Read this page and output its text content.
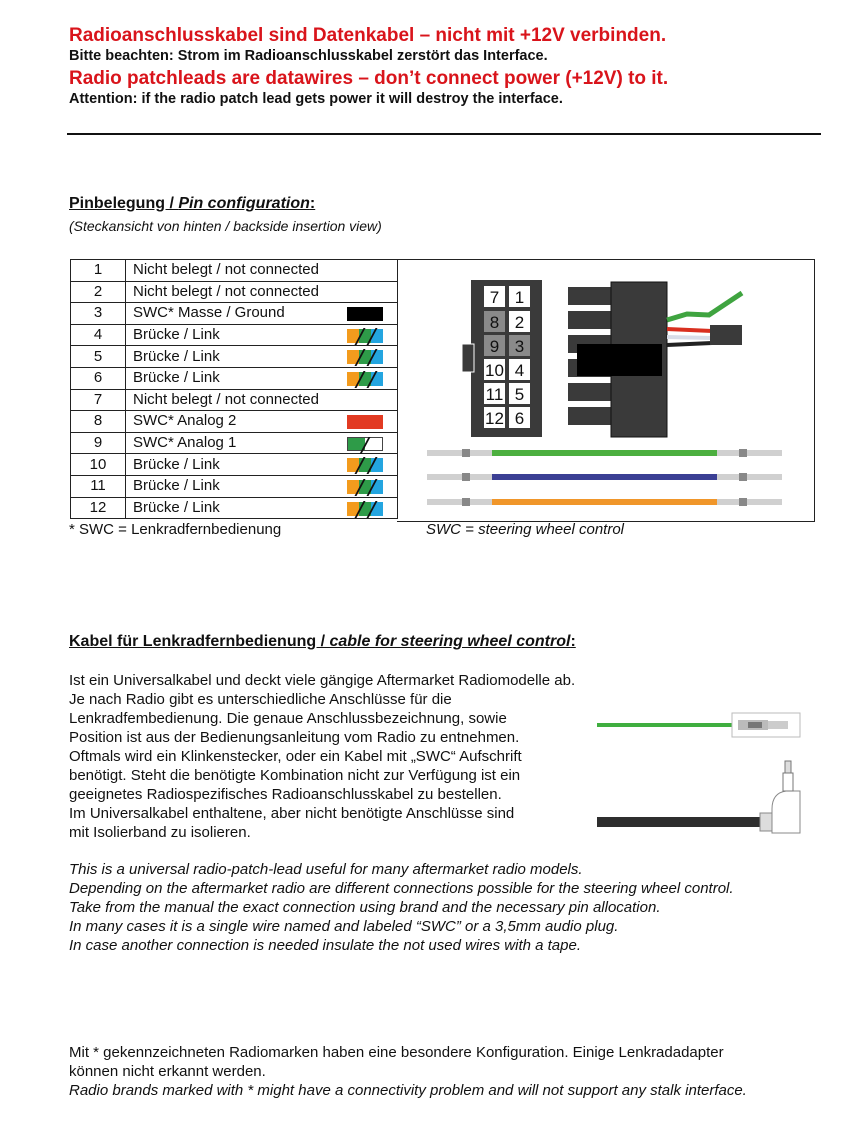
Radioanschlusskabel sind Datenkabel – nicht mit +12V verbinden.
Bitte beachten: Strom im Radioanschlusskabel zerstört das Interface.
Radio patchleads are datawires – don’t connect power (+12V) to it.
Attention: if the radio patch lead gets power it will destroy the interface.
Pinbelegung / Pin configuration:
(Steckansicht von hinten / backside insertion view)
1	Nicht belegt / not connected
2	Nicht belegt / not connected
3	SWC* Masse / Ground

4	Brücke / Link

5	Brücke / Link

6	Brücke / Link

7	Nicht belegt / not connected
8	SWC* Analog 2

9	SWC* Analog 1

10	Brücke / Link

11	Brücke / Link

12	Brücke / Link
7 1
8 2
9 3
10 4
11 5
12 6
* SWC = Lenkradfernbedienung	SWC = steering wheel control
Kabel für Lenkradfernbedienung / cable for steering wheel control:
Ist ein Universalkabel und deckt viele gängige Aftermarket Radiomodelle ab.
Je nach Radio gibt es unterschiedliche Anschlüsse für die
Lenkradfembedienung. Die genaue Anschlussbezeichnung, sowie
Position ist aus der Bedienungsanleitung vom Radio zu entnehmen.
Oftmals wird ein Klinkenstecker, oder ein Kabel mit „SWC“ Aufschrift
benötigt. Steht die benötigte Kombination nicht zur Verfügung ist ein
geeignetes Radiospezifisches Radioanschlusskabel zu bestellen.
Im Universalkabel enthaltene, aber nicht benötigte Anschlüsse sind
mit Isolierband zu isolieren.
This is a universal radio-patch-lead useful for many aftermarket radio models.
Depending on the aftermarket radio are different connections possible for the steering wheel control.
Take from the manual the exact connection using brand and the necessary pin allocation.
In many cases it is a single wire named and labeled “SWC” or a 3,5mm audio plug.
In case another connection is needed insulate the not used wires with a tape.
Mit * gekennzeichneten Radiomarken haben eine besondere Konfiguration. Einige Lenkradadapter
können nicht erkannt werden.
Radio brands marked with * might have a connectivity problem and will not support any stalk interface.
